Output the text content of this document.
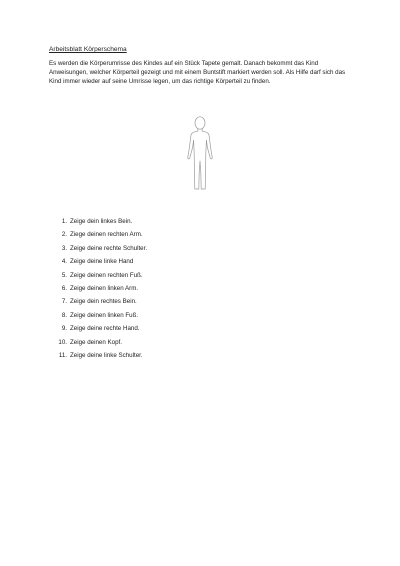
Arbeitsblatt Körperschema
Es werden die Körperumrisse des Kindes auf ein Stück Tapete gemalt. Danach bekommt das Kind Anweisungen, welcher Körperteil gezeigt und mit einem Buntstift markiert werden soll. Als Hilfe darf sich das Kind immer wieder auf seine Umrisse legen, um das richtige Körperteil zu finden.
1. Zeige dein linkes Bein.
2. Ziege deinen rechten Arm.
3. Zeige deine rechte Schulter.
4. Zeige deine linke Hand
5. Zeige deinen rechten Fuß.
6. Zeige deinen linken Arm.
7. Zeige dein rechtes Bein.
8. Zeige deinen linken Fuß.
9. Zeige deine rechte Hand.
10. Zeige deinen Kopf.
11. Zeige deine linke Schulter.
